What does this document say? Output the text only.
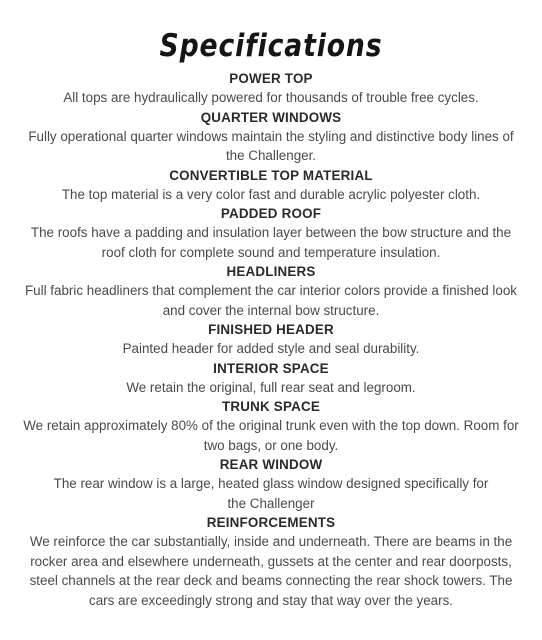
Specifications
POWER TOP
All tops are hydraulically powered for thousands of trouble free cycles.
QUARTER WINDOWS
Fully operational quarter windows maintain the styling and distinctive body lines of
the Challenger.
CONVERTIBLE TOP MATERIAL
The top material is a very color fast and durable acrylic polyester cloth.
PADDED ROOF
The roofs have a padding and insulation layer between the bow structure and the
roof cloth for complete sound and temperature insulation.
HEADLINERS
Full fabric headliners that complement the car interior colors provide a finished look
and cover the internal bow structure.
FINISHED HEADER
Painted header for added style and seal durability.
INTERIOR SPACE
We retain the original, full rear seat and legroom.
TRUNK SPACE
We retain approximately 80% of the original trunk even with the top down. Room for
two bags, or one body.
REAR WINDOW
The rear window is a large, heated glass window designed specifically for
the Challenger
REINFORCEMENTS
We reinforce the car substantially, inside and underneath. There are beams in the
rocker area and elsewhere underneath, gussets at the center and rear doorposts,
steel channels at the rear deck and beams connecting the rear shock towers. The
cars are exceedingly strong and stay that way over the years.
